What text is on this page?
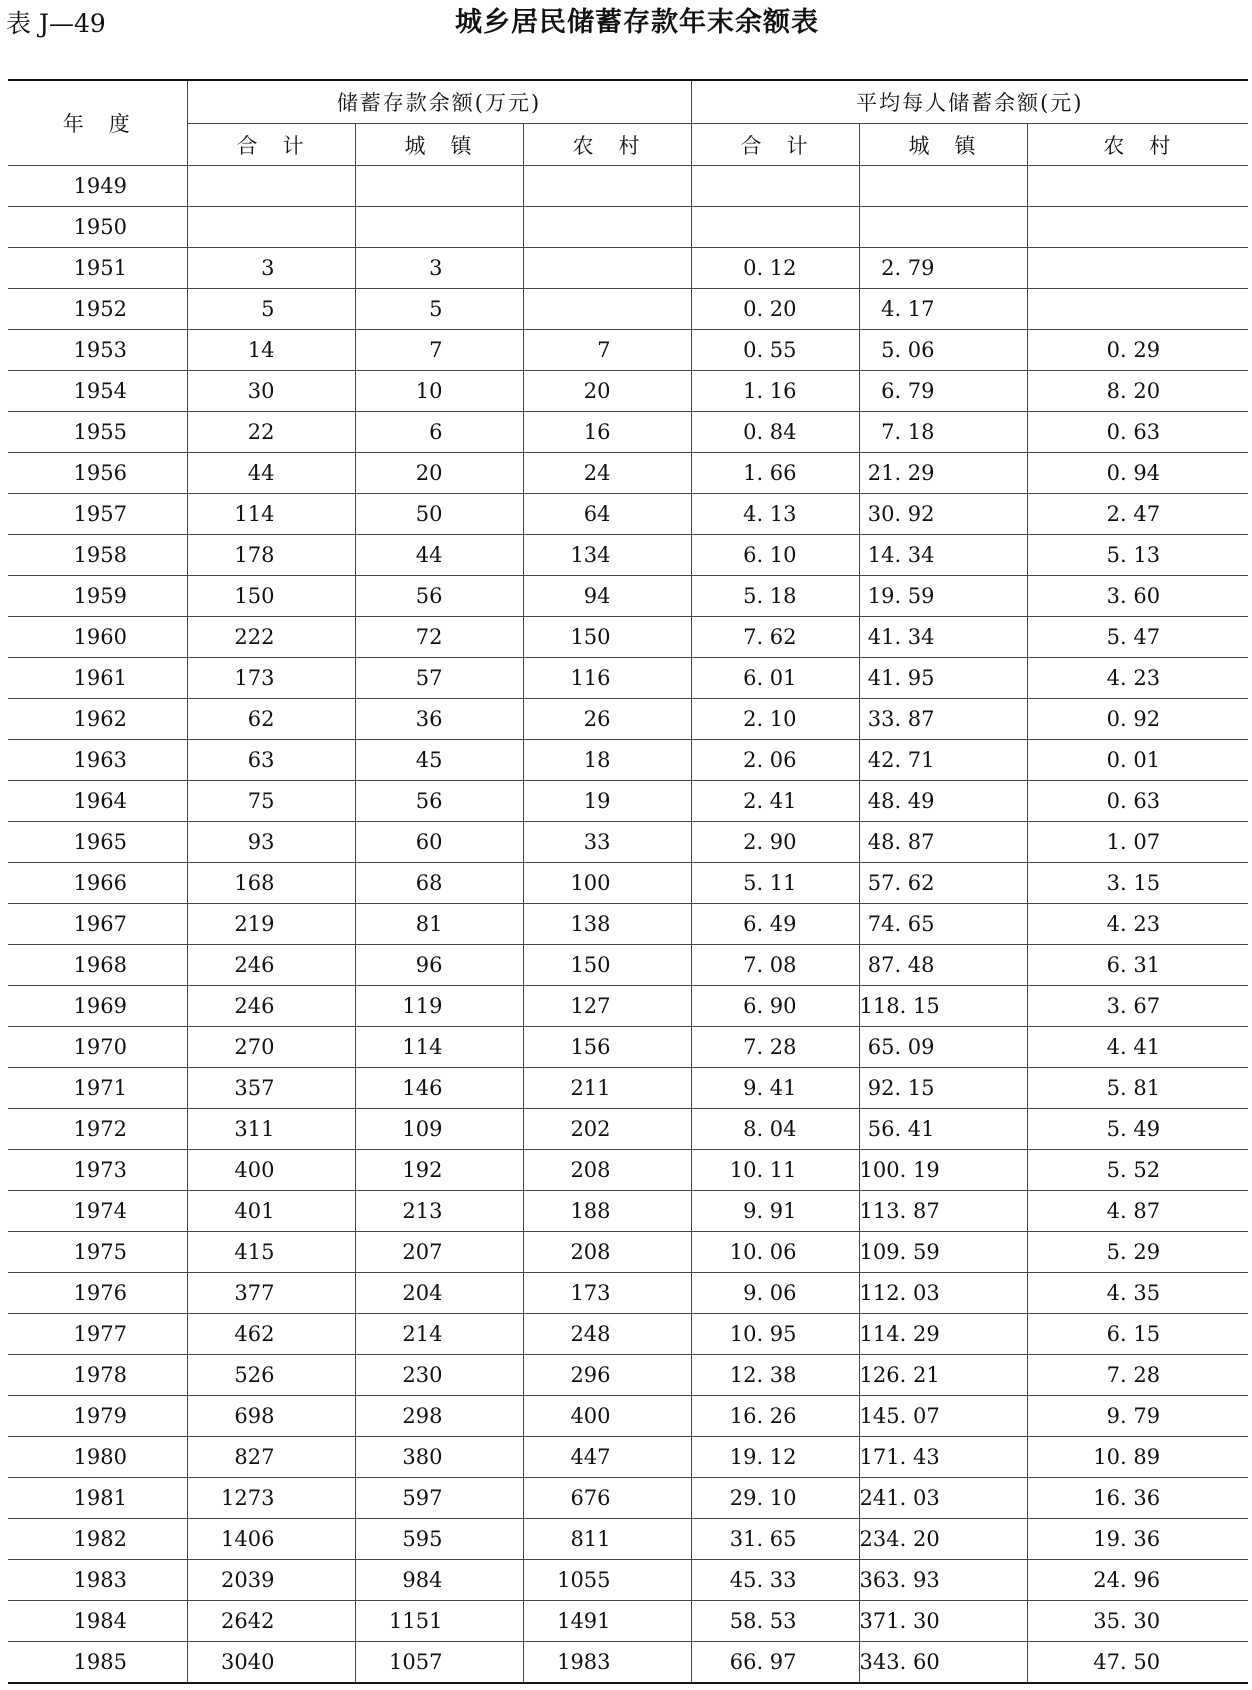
表 J—49	城乡居民储蓄存款年末余额表
年　度	储蓄存款余额(万元)			平均每人储蓄余额(元)		
	合　计	城　镇	农　村	合　计	城　镇	农　村
1949						
1950						
1951	3	3		0. 12	2. 79	
1952	5	5		0. 20	4. 17	
1953	14	7	7	0. 55	5. 06	0. 29
1954	30	10	20	1. 16	6. 79	8. 20
1955	22	6	16	0. 84	7. 18	0. 63
1956	44	20	24	1. 66	21. 29	0. 94
1957	114	50	64	4. 13	30. 92	2. 47
1958	178	44	134	6. 10	14. 34	5. 13
1959	150	56	94	5. 18	19. 59	3. 60
1960	222	72	150	7. 62	41. 34	5. 47
1961	173	57	116	6. 01	41. 95	4. 23
1962	62	36	26	2. 10	33. 87	0. 92
1963	63	45	18	2. 06	42. 71	0. 01
1964	75	56	19	2. 41	48. 49	0. 63
1965	93	60	33	2. 90	48. 87	1. 07
1966	168	68	100	5. 11	57. 62	3. 15
1967	219	81	138	6. 49	74. 65	4. 23
1968	246	96	150	7. 08	87. 48	6. 31
1969	246	119	127	6. 90	118. 15	3. 67
1970	270	114	156	7. 28	65. 09	4. 41
1971	357	146	211	9. 41	92. 15	5. 81
1972	311	109	202	8. 04	56. 41	5. 49
1973	400	192	208	10. 11	100. 19	5. 52
1974	401	213	188	9. 91	113. 87	4. 87
1975	415	207	208	10. 06	109. 59	5. 29
1976	377	204	173	9. 06	112. 03	4. 35
1977	462	214	248	10. 95	114. 29	6. 15
1978	526	230	296	12. 38	126. 21	7. 28
1979	698	298	400	16. 26	145. 07	9. 79
1980	827	380	447	19. 12	171. 43	10. 89
1981	1273	597	676	29. 10	241. 03	16. 36
1982	1406	595	811	31. 65	234. 20	19. 36
1983	2039	984	1055	45. 33	363. 93	24. 96
1984	2642	1151	1491	58. 53	371. 30	35. 30
1985	3040	1057	1983	66. 97	343. 60	47. 50
